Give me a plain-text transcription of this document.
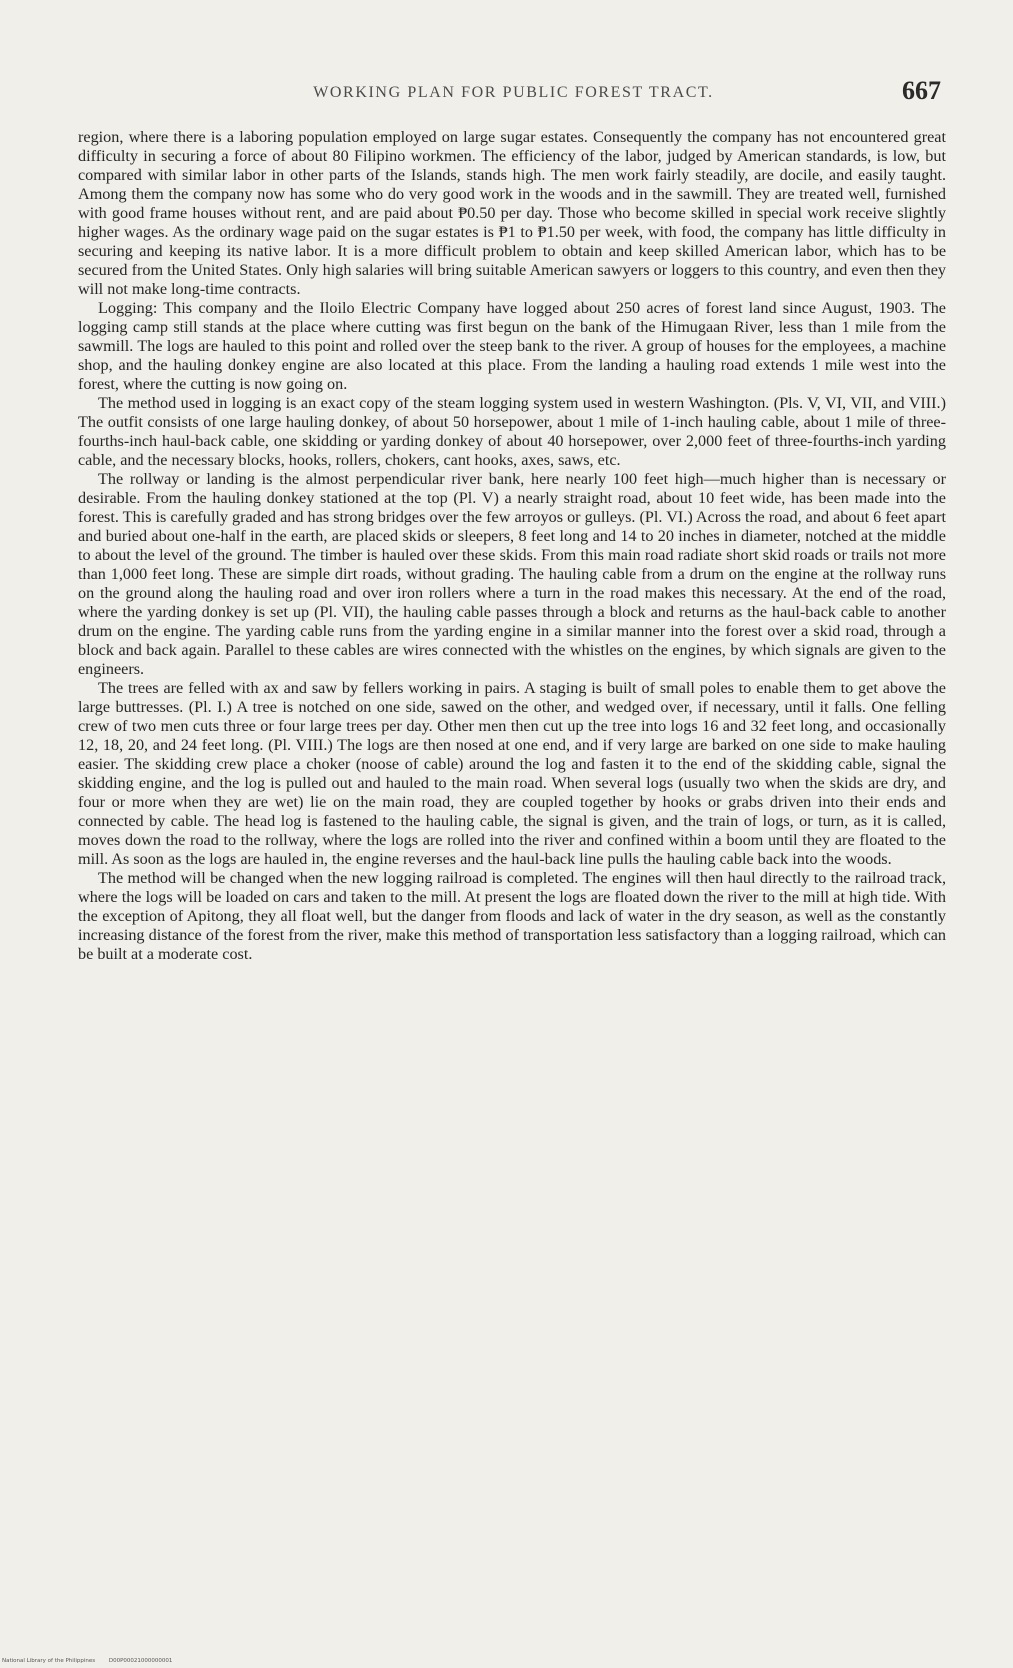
WORKING PLAN FOR PUBLIC FOREST TRACT.	667

region, where there is a laboring population employed on large sugar estates. Consequently the company has not encountered great difficulty in securing a force of about 80 Filipino workmen. The efficiency of the labor, judged by American standards, is low, but compared with similar labor in other parts of the Islands, stands high. The men work fairly steadily, are docile, and easily taught. Among them the company now has some who do very good work in the woods and in the sawmill. They are treated well, furnished with good frame houses without rent, and are paid about ₱0.50 per day. Those who become skilled in special work receive slightly higher wages. As the ordinary wage paid on the sugar estates is ₱1 to ₱1.50 per week, with food, the company has little difficulty in securing and keeping its native labor. It is a more difficult problem to obtain and keep skilled American labor, which has to be secured from the United States. Only high salaries will bring suitable American sawyers or loggers to this country, and even then they will not make long-time contracts.

Logging: This company and the Iloilo Electric Company have logged about 250 acres of forest land since August, 1903. The logging camp still stands at the place where cutting was first begun on the bank of the Himugaan River, less than 1 mile from the sawmill. The logs are hauled to this point and rolled over the steep bank to the river. A group of houses for the employees, a machine shop, and the hauling donkey engine are also located at this place. From the landing a hauling road extends 1 mile west into the forest, where the cutting is now going on.

The method used in logging is an exact copy of the steam logging system used in western Washington. (Pls. V, VI, VII, and VIII.) The outfit consists of one large hauling donkey, of about 50 horsepower, about 1 mile of 1-inch hauling cable, about 1 mile of three-fourths-inch haul-back cable, one skidding or yarding donkey of about 40 horsepower, over 2,000 feet of three-fourths-inch yarding cable, and the necessary blocks, hooks, rollers, chokers, cant hooks, axes, saws, etc.

The rollway or landing is the almost perpendicular river bank, here nearly 100 feet high—much higher than is necessary or desirable. From the hauling donkey stationed at the top (Pl. V) a nearly straight road, about 10 feet wide, has been made into the forest. This is carefully graded and has strong bridges over the few arroyos or gulleys. (Pl. VI.) Across the road, and about 6 feet apart and buried about one-half in the earth, are placed skids or sleepers, 8 feet long and 14 to 20 inches in diameter, notched at the middle to about the level of the ground. The timber is hauled over these skids. From this main road radiate short skid roads or trails not more than 1,000 feet long. These are simple dirt roads, without grading. The hauling cable from a drum on the engine at the rollway runs on the ground along the hauling road and over iron rollers where a turn in the road makes this necessary. At the end of the road, where the yarding donkey is set up (Pl. VII), the hauling cable passes through a block and returns as the haul-back cable to another drum on the engine. The yarding cable runs from the yarding engine in a similar manner into the forest over a skid road, through a block and back again. Parallel to these cables are wires connected with the whistles on the engines, by which signals are given to the engineers.

The trees are felled with ax and saw by fellers working in pairs. A staging is built of small poles to enable them to get above the large buttresses. (Pl. I.) A tree is notched on one side, sawed on the other, and wedged over, if necessary, until it falls. One felling crew of two men cuts three or four large trees per day. Other men then cut up the tree into logs 16 and 32 feet long, and occasionally 12, 18, 20, and 24 feet long. (Pl. VIII.) The logs are then nosed at one end, and if very large are barked on one side to make hauling easier. The skidding crew place a choker (noose of cable) around the log and fasten it to the end of the skidding cable, signal the skidding engine, and the log is pulled out and hauled to the main road. When several logs (usually two when the skids are dry, and four or more when they are wet) lie on the main road, they are coupled together by hooks or grabs driven into their ends and connected by cable. The head log is fastened to the hauling cable, the signal is given, and the train of logs, or turn, as it is called, moves down the road to the rollway, where the logs are rolled into the river and confined within a boom until they are floated to the mill. As soon as the logs are hauled in, the engine reverses and the haul-back line pulls the hauling cable back into the woods.

The method will be changed when the new logging railroad is completed. The engines will then haul directly to the railroad track, where the logs will be loaded on cars and taken to the mill. At present the logs are floated down the river to the mill at high tide. With the exception of Apitong, they all float well, but the danger from floods and lack of water in the dry season, as well as the constantly increasing distance of the forest from the river, make this method of transportation less satisfactory than a logging railroad, which can be built at a moderate cost.

National Library of the Philippines	D00P00021000000001
